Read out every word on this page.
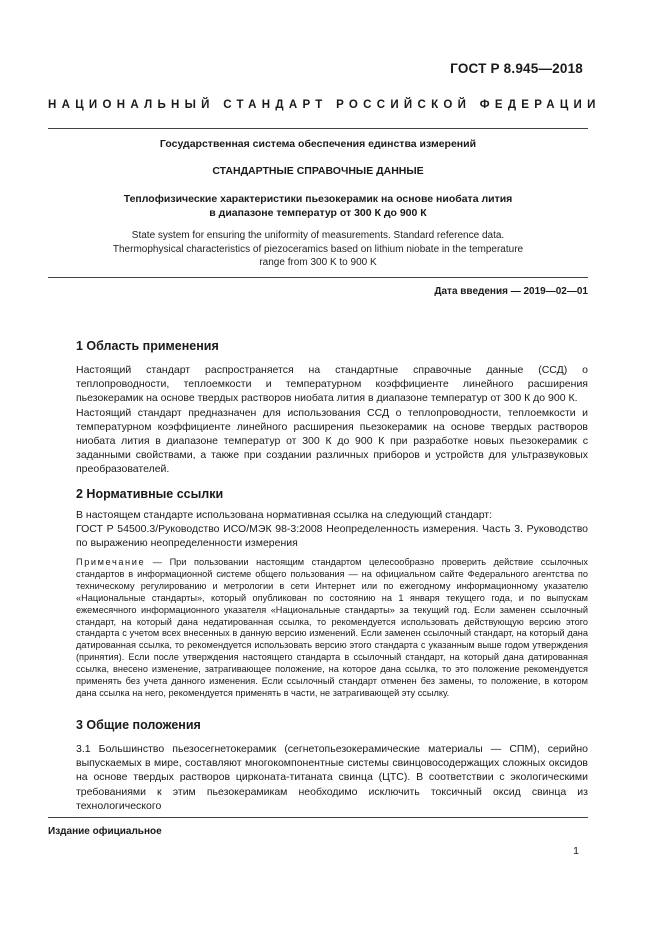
ГОСТ Р 8.945—2018
НАЦИОНАЛЬНЫЙ СТАНДАРТ РОССИЙСКОЙ ФЕДЕРАЦИИ
Государственная система обеспечения единства измерений
СТАНДАРТНЫЕ СПРАВОЧНЫЕ ДАННЫЕ
Теплофизические характеристики пьезокерамик на основе ниобата лития
в диапазоне температур от 300 К до 900 К
State system for ensuring the uniformity of measurements. Standard reference data.
Thermophysical characteristics of piezoceramics based on lithium niobate in the temperature
range from 300 K to 900 K
Дата введения — 2019—02—01
1 Область применения
Настоящий стандарт распространяется на стандартные справочные данные (ССД) о теплопроводности, теплоемкости и температурном коэффициенте линейного расширения пьезокерамик на основе твердых растворов ниобата лития в диапазоне температур от 300 К до 900 К.
Настоящий стандарт предназначен для использования ССД о теплопроводности, теплоемкости и температурном коэффициенте линейного расширения пьезокерамик на основе твердых растворов ниобата лития в диапазоне температур от 300 К до 900 К при разработке новых пьезокерамик с заданными свойствами, а также при создании различных приборов и устройств для ультразвуковых преобразователей.
2 Нормативные ссылки
В настоящем стандарте использована нормативная ссылка на следующий стандарт:
ГОСТ Р 54500.3/Руководство ИСО/МЭК 98-3:2008 Неопределенность измерения. Часть 3. Руководство по выражению неопределенности измерения
Примечание — При пользовании настоящим стандартом целесообразно проверить действие ссылочных стандартов в информационной системе общего пользования — на официальном сайте Федерального агентства по техническому регулированию и метрологии в сети Интернет или по ежегодному информационному указателю «Национальные стандарты», который опубликован по состоянию на 1 января текущего года, и по выпускам ежемесячного информационного указателя «Национальные стандарты» за текущий год. Если заменен ссылочный стандарт, на который дана недатированная ссылка, то рекомендуется использовать действующую версию этого стандарта с учетом всех внесенных в данную версию изменений. Если заменен ссылочный стандарт, на который дана датированная ссылка, то рекомендуется использовать версию этого стандарта с указанным выше годом утверждения (принятия). Если после утверждения настоящего стандарта в ссылочный стандарт, на который дана датированная ссылка, внесено изменение, затрагивающее положение, на которое дана ссылка, то это положение рекомендуется применять без учета данного изменения. Если ссылочный стандарт отменен без замены, то положение, в котором дана ссылка на него, рекомендуется применять в части, не затрагивающей эту ссылку.
3 Общие положения
3.1 Большинство пьезосегнетокерамик (сегнетопьезокерамические материалы — СПМ), серийно выпускаемых в мире, составляют многокомпонентные системы свинцовосодержащих сложных оксидов на основе твердых растворов цирконата-титаната свинца (ЦТС). В соответствии с экологическими требованиями к этим пьезокерамикам необходимо исключить токсичный оксид свинца из технологического
Издание официальное
1
